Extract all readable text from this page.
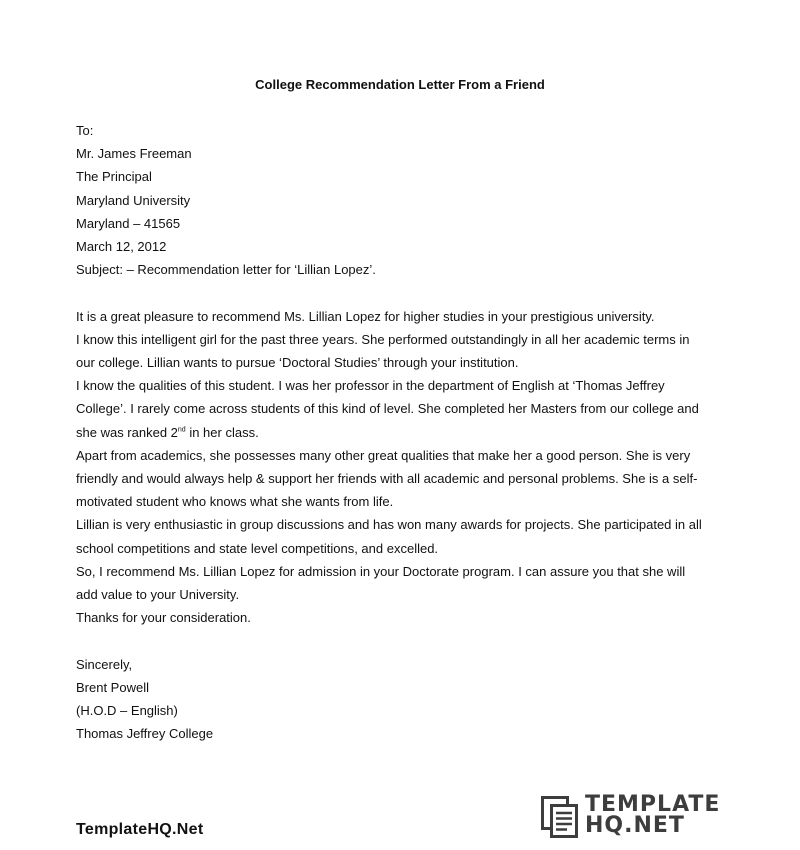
College Recommendation Letter From a Friend

To:

Mr. James Freeman

The Principal

Maryland University

Maryland – 41565

March 12, 2012

Subject: – Recommendation letter for ‘Lillian Lopez’.

It is a great pleasure to recommend Ms. Lillian Lopez for higher studies in your prestigious university.

I know this intelligent girl for the past three years. She performed outstandingly in all her academic terms in

our college. Lillian wants to pursue ‘Doctoral Studies’ through your institution.

I know the qualities of this student. I was her professor in the department of English at ‘Thomas Jeffrey

College’. I rarely come across students of this kind of level. She completed her Masters from our college and

she was ranked 2nd in her class.

Apart from academics, she possesses many other great qualities that make her a good person. She is very

friendly and would always help & support her friends with all academic and personal problems. She is a self-

motivated student who knows what she wants from life.

Lillian is very enthusiastic in group discussions and has won many awards for projects. She participated in all

school competitions and state level competitions, and excelled.

So, I recommend Ms. Lillian Lopez for admission in your Doctorate program. I can assure you that she will

add value to your University.

Thanks for your consideration.

Sincerely,

Brent Powell

(H.O.D – English)

Thomas Jeffrey College

TemplateHQ.Net
TEMPLATE
HQ.NET
